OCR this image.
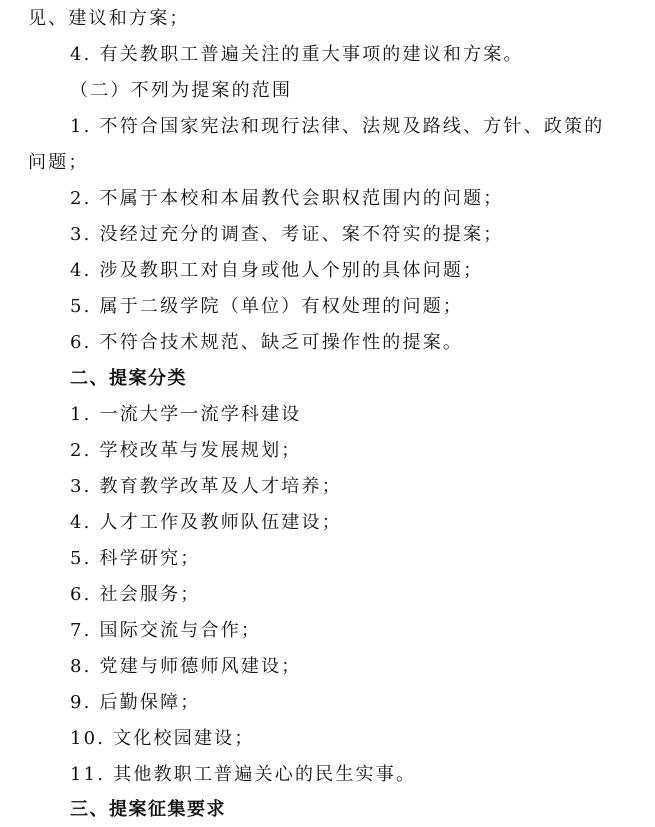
见、建议和方案；
4. 有关教职工普遍关注的重大事项的建议和方案。
（二）不列为提案的范围
1. 不符合国家宪法和现行法律、法规及路线、方针、政策的
问题；
2. 不属于本校和本届教代会职权范围内的问题；
3. 没经过充分的调查、考证、案不符实的提案；
4. 涉及教职工对自身或他人个别的具体问题；
5. 属于二级学院（单位）有权处理的问题；
6. 不符合技术规范、缺乏可操作性的提案。
二、提案分类
1. 一流大学一流学科建设
2. 学校改革与发展规划；
3. 教育教学改革及人才培养；
4. 人才工作及教师队伍建设；
5. 科学研究；
6. 社会服务；
7. 国际交流与合作；
8. 党建与师德师风建设；
9. 后勤保障；
10. 文化校园建设；
11. 其他教职工普遍关心的民生实事。
三、提案征集要求
